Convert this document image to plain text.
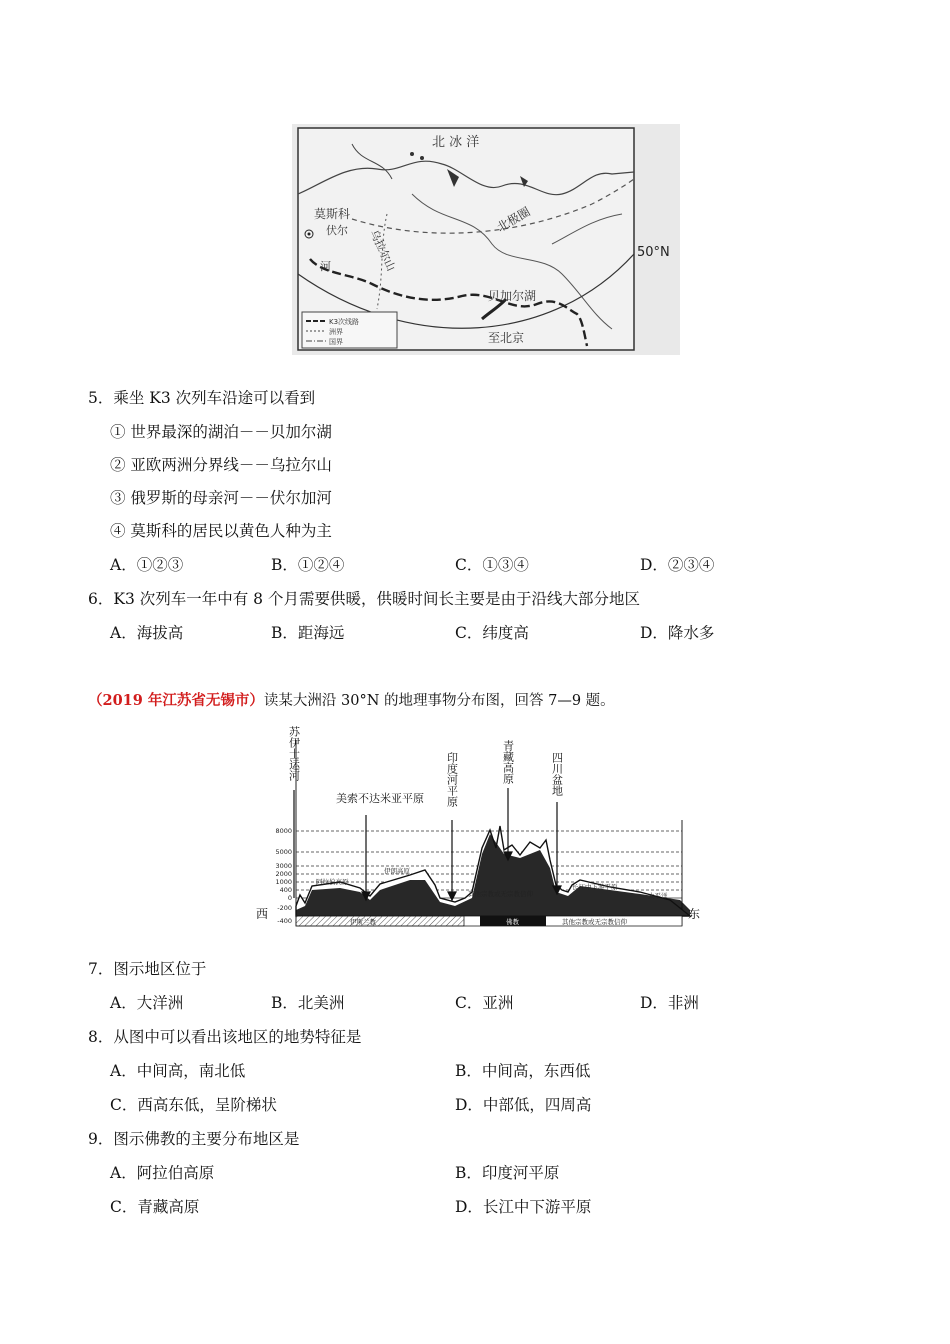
北 冰 洋
莫斯科
伏尔
河	乌拉尔山
北极圈
50°N
贝加尔湖
至北京
K3次线路
洲界
国界
5．乘坐 K3 次列车沿途可以看到
① 世界最深的湖泊－－贝加尔湖
② 亚欧两洲分界线－－乌拉尔山
③ 俄罗斯的母亲河－－伏尔加河
④ 莫斯科的居民以黄色人种为主
A．①②③	B．①②④	C．①③④	D．②③④
6．K3 次列车一年中有 8 个月需要供暖，供暖时间长主要是由于沿线大部分地区
A．海拔高	B．距海远	C．纬度高	D．降水多
（2019 年江苏省无锡市）读某大洲沿 30°N 的地理事物分布图，回答 7—9 题。
8000
5000
3000
2000
1000
400
0
-200
-400
苏伊士运河	印度河平原	青藏高原	四川盆地
美索不达米亚平原
阿拉伯高原
伊朗高原
长江中下游平原
太平洋
其他宗教或无宗教信仰
伊斯兰教	佛教	其他宗教或无宗教信仰
西	东
7．图示地区位于
A．大洋洲	B．北美洲	C．亚洲	D．非洲
8．从图中可以看出该地区的地势特征是
A．中间高，南北低	B．中间高，东西低
C．西高东低，呈阶梯状	D．中部低，四周高
9．图示佛教的主要分布地区是
A．阿拉伯高原	B．印度河平原
C．青藏高原	D．长江中下游平原
